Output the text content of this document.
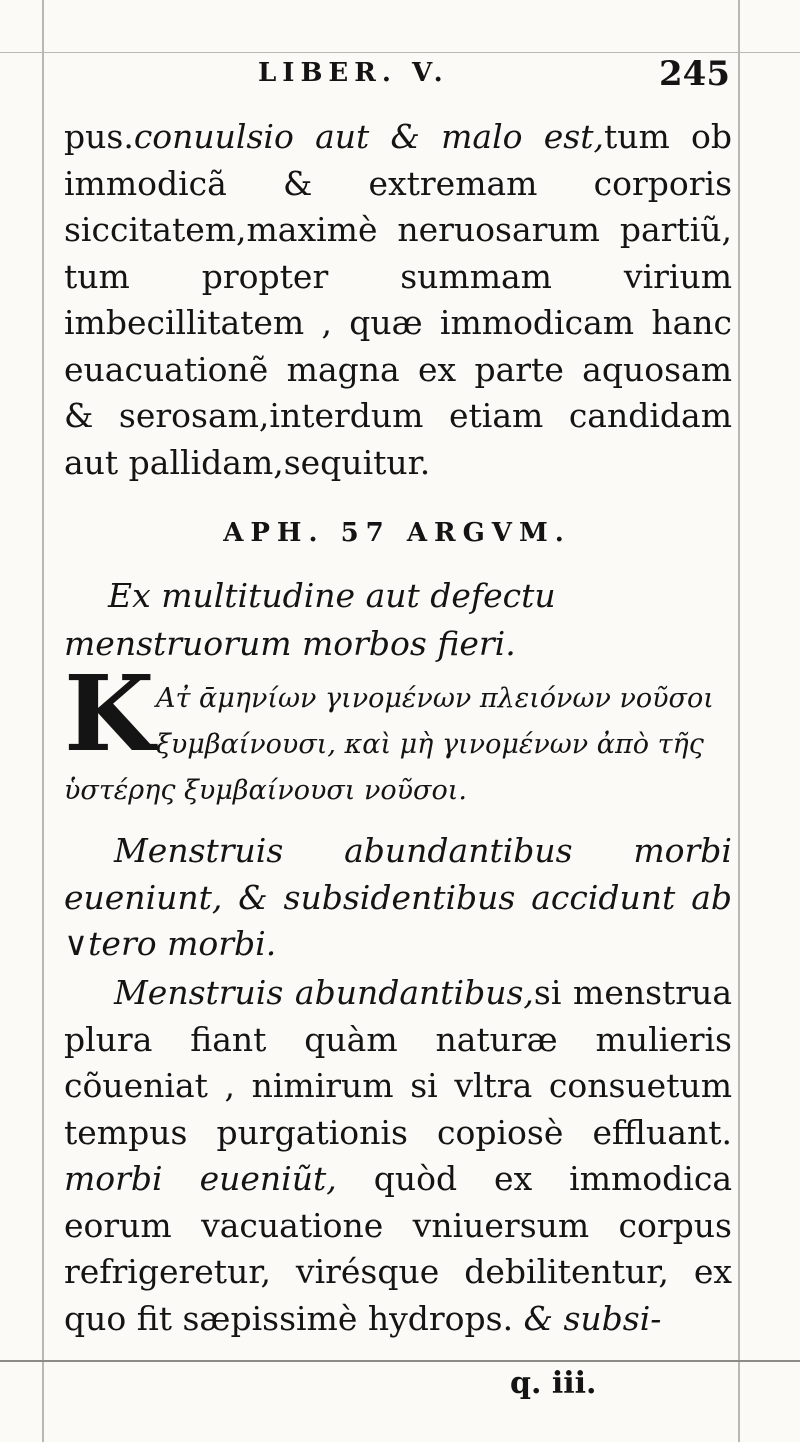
LIBER. V.	245

pus.conuulsio aut & malo est,tum ob immodicã & extremam corporis siccitatem,maximè neruosarum partiũ, tum propter summam virium imbecillitatem , quæ immodicam hanc euacuationẽ magna ex parte aquosam & serosam,interdum etiam candidam aut pallidam,sequitur.

APH. 57 ARGVM.

Ex multitudine aut defectu menstruorum morbos fieri.

K Ατ̓ ᾱμηνίων γινομένων πλειόνων νοῦσοι
ξυμβαίνουσι, καὶ μὴ γινομένων ἀπὸ τῆς
ὑστέρης ξυμβαίνουσι νοῦσοι.

Menstruis abundantibus morbi eueniunt, & subsidentibus accidunt ab ∨tero morbi.

Menstruis abundantibus,si menstrua plura fiant quàm naturæ mulieris cõueniat , nimirum si vltra consuetum tempus purgationis copiosè effluant. morbi eueniũt, quòd ex immodica eorum vacuatione vniuersum corpus refrigeretur, virésque debilitentur, ex quo fit sæpissimè hydrops. & subsi-

q. iii.
